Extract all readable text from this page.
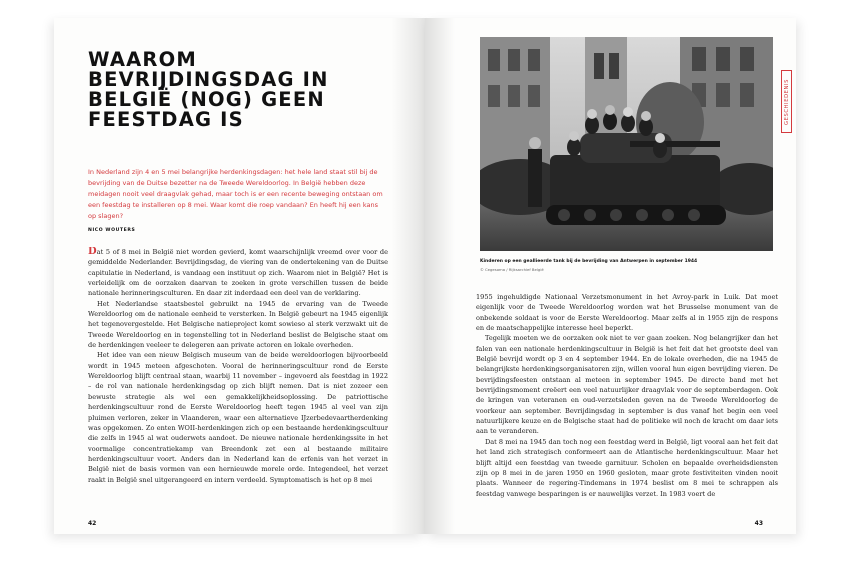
WAAROM BEVRIJDINGSDAG IN BELGIË (NOG) GEEN FEESTDAG IS

In Nederland zijn 4 en 5 mei belangrijke herdenkingsdagen: het hele land staat stil bij de bevrijding van de Duitse bezetter na de Tweede Wereldoorlog. In België hebben deze meidagen nooit veel draagvlak gehad, maar toch is er een recente beweging ontstaan om een feestdag te installeren op 8 mei. Waar komt die roep vandaan? En heeft hij een kans op slagen?

NICO WOUTERS

Dat 5 of 8 mei in België niet worden gevierd, komt waarschijnlijk vreemd over voor de gemiddelde Nederlander. Bevrijdingsdag, de viering van de ondertekening van de Duitse capitulatie in Nederland, is vandaag een instituut op zich. Waarom niet in België? Het is verleidelijk om de oorzaken daarvan te zoeken in grote verschillen tussen de beide nationale herinneringsculturen. En daar zit inderdaad een deel van de verklaring.

Het Nederlandse staatsbestel gebruikt na 1945 de ervaring van de Tweede Wereldoorlog om de nationale eenheid te versterken. In België gebeurt na 1945 eigenlijk het tegenovergestelde. Het Belgische natieproject komt sowieso al sterk verzwakt uit de Tweede Wereldoorlog en in tegenstelling tot in Nederland beslist de Belgische staat om de herdenkingen veeleer te delegeren aan private actoren en lokale overheden.

Het idee van een nieuw Belgisch museum van de beide wereldoorlogen bijvoorbeeld wordt in 1945 meteen afgeschoten. Vooral de herinneringscultuur rond de Eerste Wereldoorlog blijft centraal staan, waarbij 11 november – ingevoerd als feestdag in 1922 – de rol van nationale herdenkingsdag op zich blijft nemen. Dat is niet zozeer een bewuste strategie als wel een gemakkelijkheidsoplossing. De patriottische herdenkingscultuur rond de Eerste Wereldoorlog heeft tegen 1945 al veel van zijn pluimen verloren, zeker in Vlaanderen, waar een alternatieve IJzerbedevaartherdenking was opgekomen. Zo enten WOII-herdenkingen zich op een bestaande herdenkingscultuur die zelfs in 1945 al wat ouderwets aandoet. De nieuwe nationale herdenkingssite in het voormalige concentratiekamp van Breendonk zet een al bestaande militaire herdenkingscultuur voort. Anders dan in Nederland kan de erfenis van het verzet in België niet de basis vormen van een hernieuwde morele orde. Integendeel, het verzet raakt in België snel uitgerangeerd en intern verdeeld. Symptomatisch is het op 8 mei

42

Kinderen op een geallieerde tank bij de bevrijding van Antwerpen in september 1944

© Cegesoma / Rijksarchief België

GESCHIEDENIS

1955 ingehuldigde Nationaal Verzetsmonument in het Avroy-park in Luik. Dat moet eigenlijk voor de Tweede Wereldoorlog worden wat het Brusselse monument van de onbekende soldaat is voor de Eerste Wereldoorlog. Maar zelfs al in 1955 zijn de respons en de maatschappelijke interesse heel beperkt.

Tegelijk moeten we de oorzaken ook niet te ver gaan zoeken. Nog belangrijker dan het falen van een nationale herdenkingscultuur in België is het feit dat het grootste deel van België bevrijd wordt op 3 en 4 september 1944. En de lokale overheden, die na 1945 de belangrijkste herdenkingsorganisatoren zijn, willen vooral hun eigen bevrijding vieren. De bevrijdingsfeesten ontstaan al meteen in september 1945. De directe band met het bevrijdingsmoment creëert een veel natuurlijker draagvlak voor de septemberdagen. Ook de kringen van veteranen en oud-verzetsleden geven na de Tweede Wereldoorlog de voorkeur aan september. Bevrijdingsdag in september is dus vanaf het begin een veel natuurlijkere keuze en de Belgische staat had de politieke wil noch de kracht om daar iets aan te veranderen.

Dat 8 mei na 1945 dan toch nog een feestdag werd in België, ligt vooral aan het feit dat het land zich strategisch conformeert aan de Atlantische herdenkingscultuur. Maar het blijft altijd een feestdag van tweede garnituur. Scholen en bepaalde overheidsdiensten zijn op 8 mei in de jaren 1950 en 1960 gesloten, maar grote festiviteiten vinden nooit plaats. Wanneer de regering-Tindemans in 1974 beslist om 8 mei te schrappen als feestdag vanwege besparingen is er nauwelijks verzet. In 1983 voert de

43
